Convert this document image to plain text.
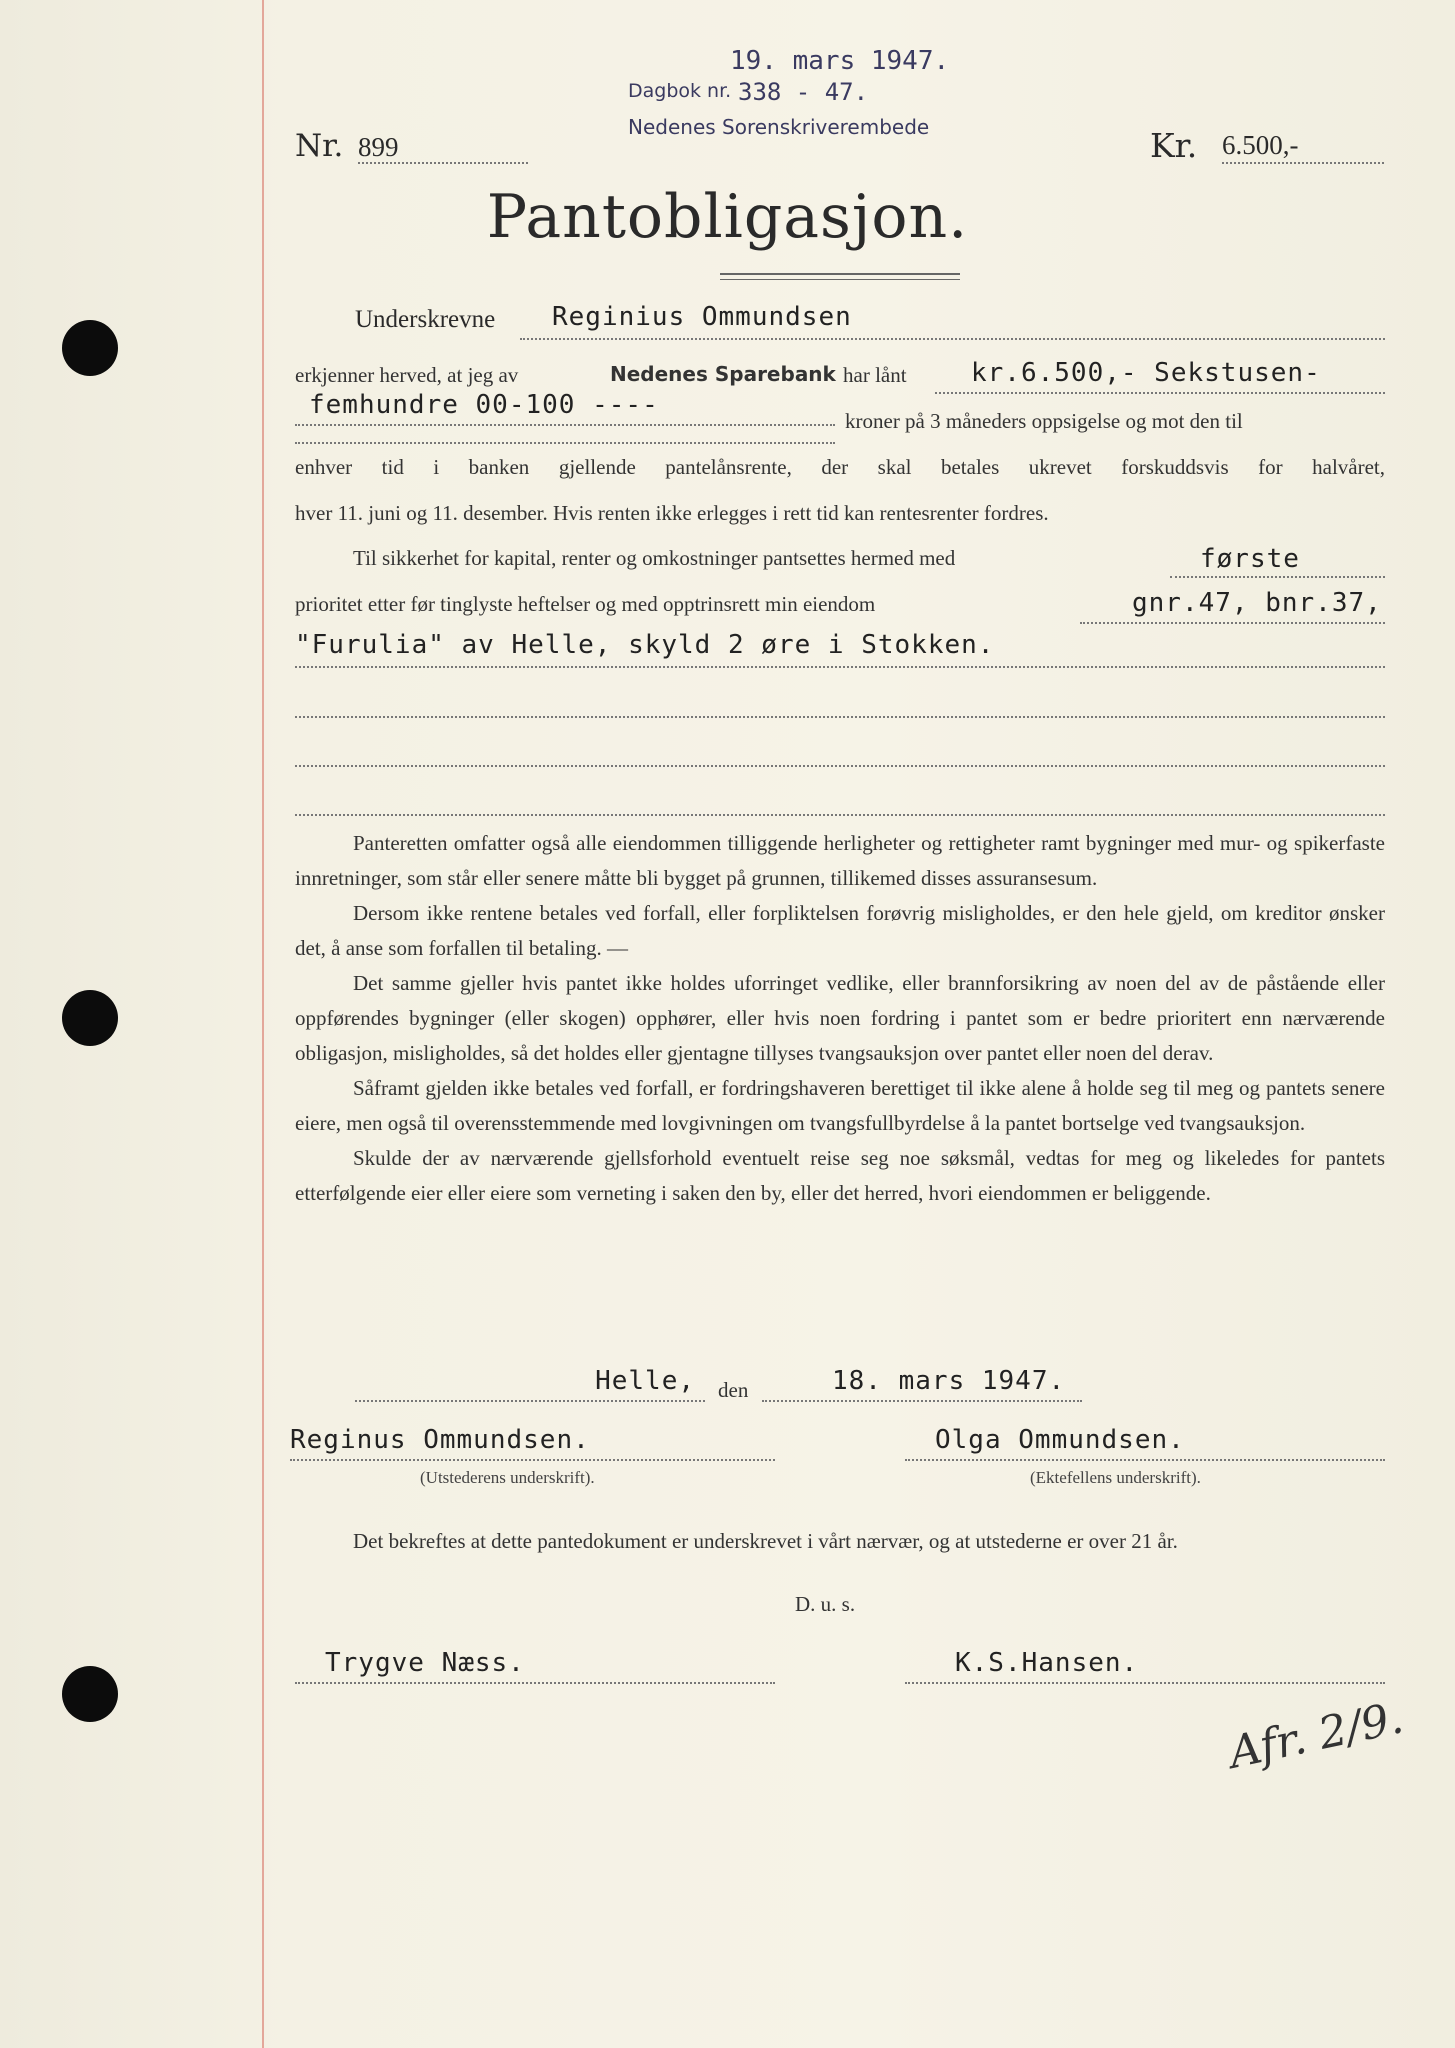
19. mars 1947.
Dagbok nr. 338 - 47.
Nedenes Sorenskriverembede
Nr. 899	Kr. 6.500,-
Pantobligasjon.
Underskrevne	Reginius Ommundsen
erkjenner herved, at jeg av	Nedenes Sparebank har lånt	kr.6.500,- Sekstusen-
femhundre 00-100 ----
kroner på 3 måneders oppsigelse og mot den til
enhver tid i banken gjellende pantelånsrente, der skal betales ukrevet forskuddsvis for halvåret,
hver 11. juni og 11. desember. Hvis renten ikke erlegges i rett tid kan rentesrenter fordres.
Til sikkerhet for kapital, renter og omkostninger pantsettes hermed med	første
prioritet etter før tinglyste heftelser og med opptrinsrett min eiendom	gnr.47, bnr.37,
"Furulia" av Helle, skyld 2 øre i Stokken.

Panteretten omfatter også alle eiendommen tilliggende herligheter og rettigheter ramt bygninger med mur- og spikerfaste innretninger, som står eller senere måtte bli bygget på grunnen, tillikemed disses assuransesum.

Dersom ikke rentene betales ved forfall, eller forpliktelsen forøvrig misligholdes, er den hele gjeld, om kreditor ønsker det, å anse som forfallen til betaling. —

Det samme gjeller hvis pantet ikke holdes uforringet vedlike, eller brannforsikring av noen del av de påstående eller oppførendes bygninger (eller skogen) opphører, eller hvis noen fordring i pantet som er bedre prioritert enn nærværende obligasjon, misligholdes, så det holdes eller gjentagne tillyses tvangsauksjon over pantet eller noen del derav.

Såframt gjelden ikke betales ved forfall, er fordringshaveren berettiget til ikke alene å holde seg til meg og pantets senere eiere, men også til overensstemmende med lovgivningen om tvangsfullbyrdelse å la pantet bortselge ved tvangsauksjon.

Skulde der av nærværende gjellsforhold eventuelt reise seg noe søksmål, vedtas for meg og likeledes for pantets etterfølgende eier eller eiere som verneting i saken den by, eller det herred, hvori eiendommen er beliggende.

Helle,	den	18. mars 1947.
Reginus Ommundsen.
(Utstederens underskrift).
Olga Ommundsen.
(Ektefellens underskrift).
Det bekreftes at dette pantedokument er underskrevet i vårt nærvær, og at utstederne er over 21 år.
D. u. s.
Trygve Næss.	K.S.Hansen.
Afr. 2/9.
